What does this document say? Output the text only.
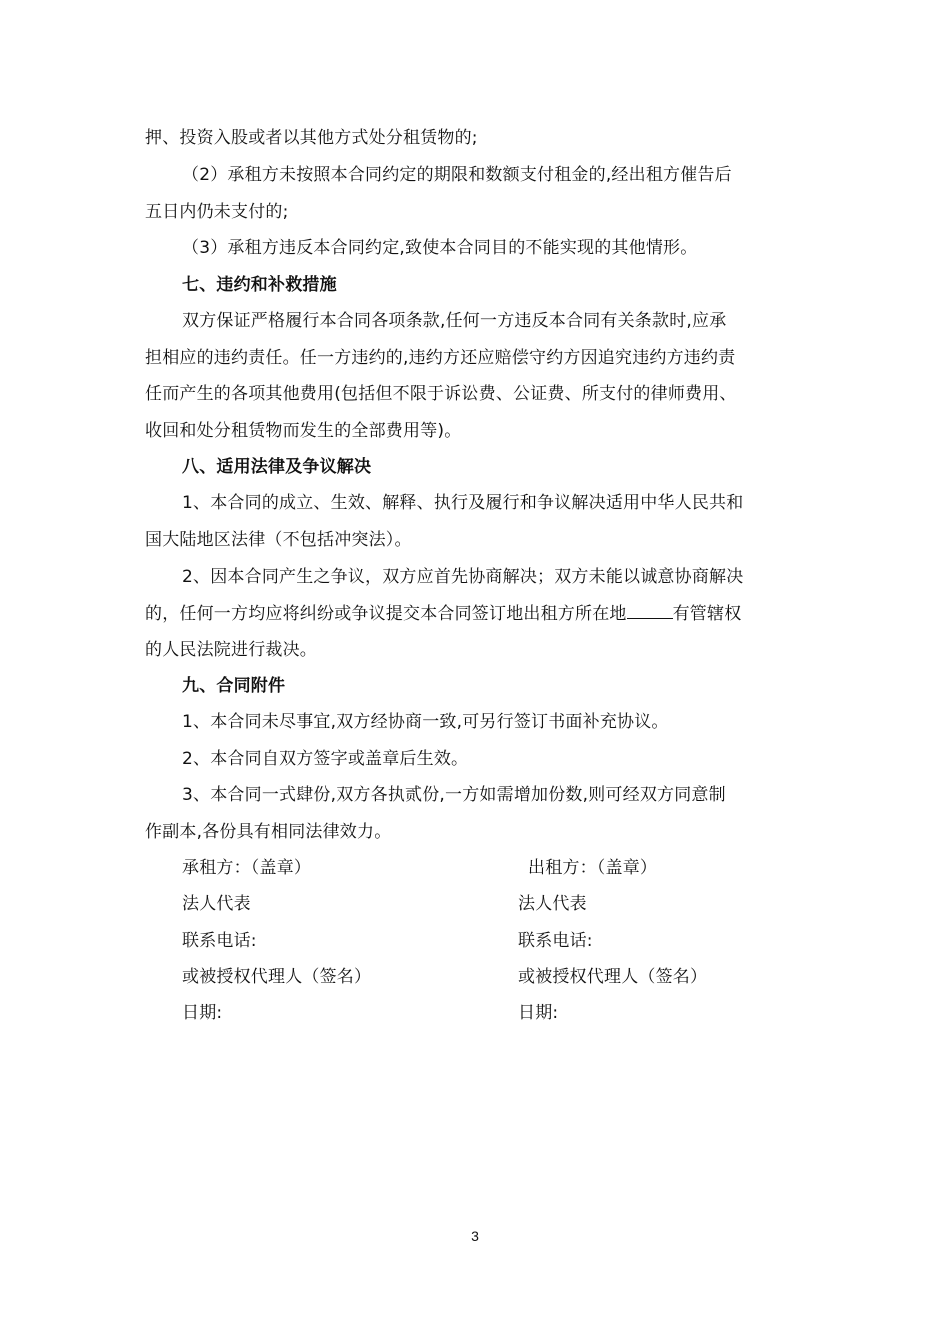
押、投资入股或者以其他方式处分租赁物的;
（2）承租方未按照本合同约定的期限和数额支付租金的,经出租方催告后
五日内仍未支付的;
（3）承租方违反本合同约定,致使本合同目的不能实现的其他情形。
七、违约和补救措施
双方保证严格履行本合同各项条款,任何一方违反本合同有关条款时,应承
担相应的违约责任。任一方违约的,违约方还应赔偿守约方因追究违约方违约责
任而产生的各项其他费用(包括但不限于诉讼费、公证费、所支付的律师费用、
收回和处分租赁物而发生的全部费用等)。
八、适用法律及争议解决
1、本合同的成立、生效、解释、执行及履行和争议解决适用中华人民共和
国大陆地区法律（不包括冲突法）。
2、因本合同产生之争议，双方应首先协商解决；双方未能以诚意协商解决
的，任何一方均应将纠纷或争议提交本合同签订地出租方所在地	有管辖权
的人民法院进行裁决。
九、合同附件
1、本合同未尽事宜,双方经协商一致,可另行签订书面补充协议。
2、本合同自双方签字或盖章后生效。
3、本合同一式肆份,双方各执贰份,一方如需增加份数,则可经双方同意制
作副本,各份具有相同法律效力。
承租方：（盖章）	出租方：（盖章）
法人代表	法人代表
联系电话:	联系电话:
或被授权代理人（签名）	或被授权代理人（签名）
日期:	日期:
3
